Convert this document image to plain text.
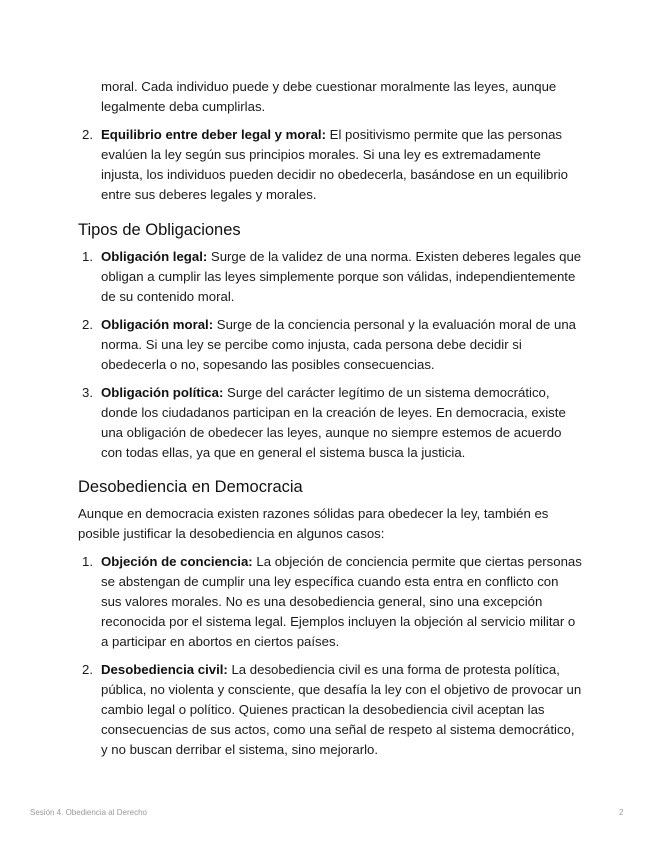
moral. Cada individuo puede y debe cuestionar moralmente las leyes, aunque legalmente deba cumplirlas.
2. Equilibrio entre deber legal y moral: El positivismo permite que las personas evalúen la ley según sus principios morales. Si una ley es extremadamente injusta, los individuos pueden decidir no obedecerla, basándose en un equilibrio entre sus deberes legales y morales.
Tipos de Obligaciones
1. Obligación legal: Surge de la validez de una norma. Existen deberes legales que obligan a cumplir las leyes simplemente porque son válidas, independientemente de su contenido moral.
2. Obligación moral: Surge de la conciencia personal y la evaluación moral de una norma. Si una ley se percibe como injusta, cada persona debe decidir si obedecerla o no, sopesando las posibles consecuencias.
3. Obligación política: Surge del carácter legítimo de un sistema democrático, donde los ciudadanos participan en la creación de leyes. En democracia, existe una obligación de obedecer las leyes, aunque no siempre estemos de acuerdo con todas ellas, ya que en general el sistema busca la justicia.
Desobediencia en Democracia

Aunque en democracia existen razones sólidas para obedecer la ley, también es posible justificar la desobediencia en algunos casos:

1. Objeción de conciencia: La objeción de conciencia permite que ciertas personas se abstengan de cumplir una ley específica cuando esta entra en conflicto con sus valores morales. No es una desobediencia general, sino una excepción reconocida por el sistema legal. Ejemplos incluyen la objeción al servicio militar o a participar en abortos en ciertos países.
2. Desobediencia civil: La desobediencia civil es una forma de protesta política, pública, no violenta y consciente, que desafía la ley con el objetivo de provocar un cambio legal o político. Quienes practican la desobediencia civil aceptan las consecuencias de sus actos, como una señal de respeto al sistema democrático, y no buscan derribar el sistema, sino mejorarlo.
Sesión 4. Obediencia al Derecho	2
